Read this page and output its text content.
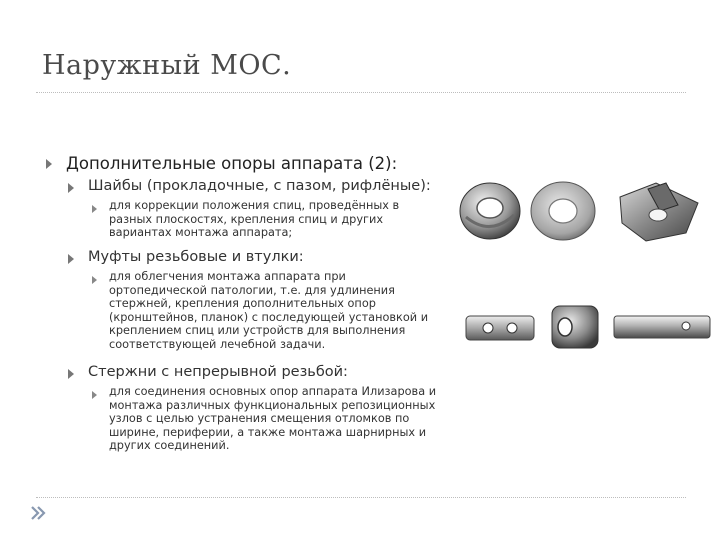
Наружный МОС.
Дополнительные опоры аппарата (2):
Шайбы (прокладочные, с пазом, рифлёные):
для коррекции положения спиц, проведённых в разных плоскостях, крепления спиц и других вариантах монтажа аппарата;
Муфты резьбовые и втулки:
для облегчения монтажа аппарата при ортопедической патологии, т.е. для удлинения стержней, крепления дополнительных опор (кронштейнов, планок) с последующей установкой и креплением спиц или устройств для выполнения соответствующей лечебной задачи.
Стержни с непрерывной резьбой:
для соединения основных опор аппарата Илизарова и монтажа различных функциональных репозиционных узлов с целью устранения смещения отломков по ширине, периферии, а также монтажа шарнирных и других соединений.
